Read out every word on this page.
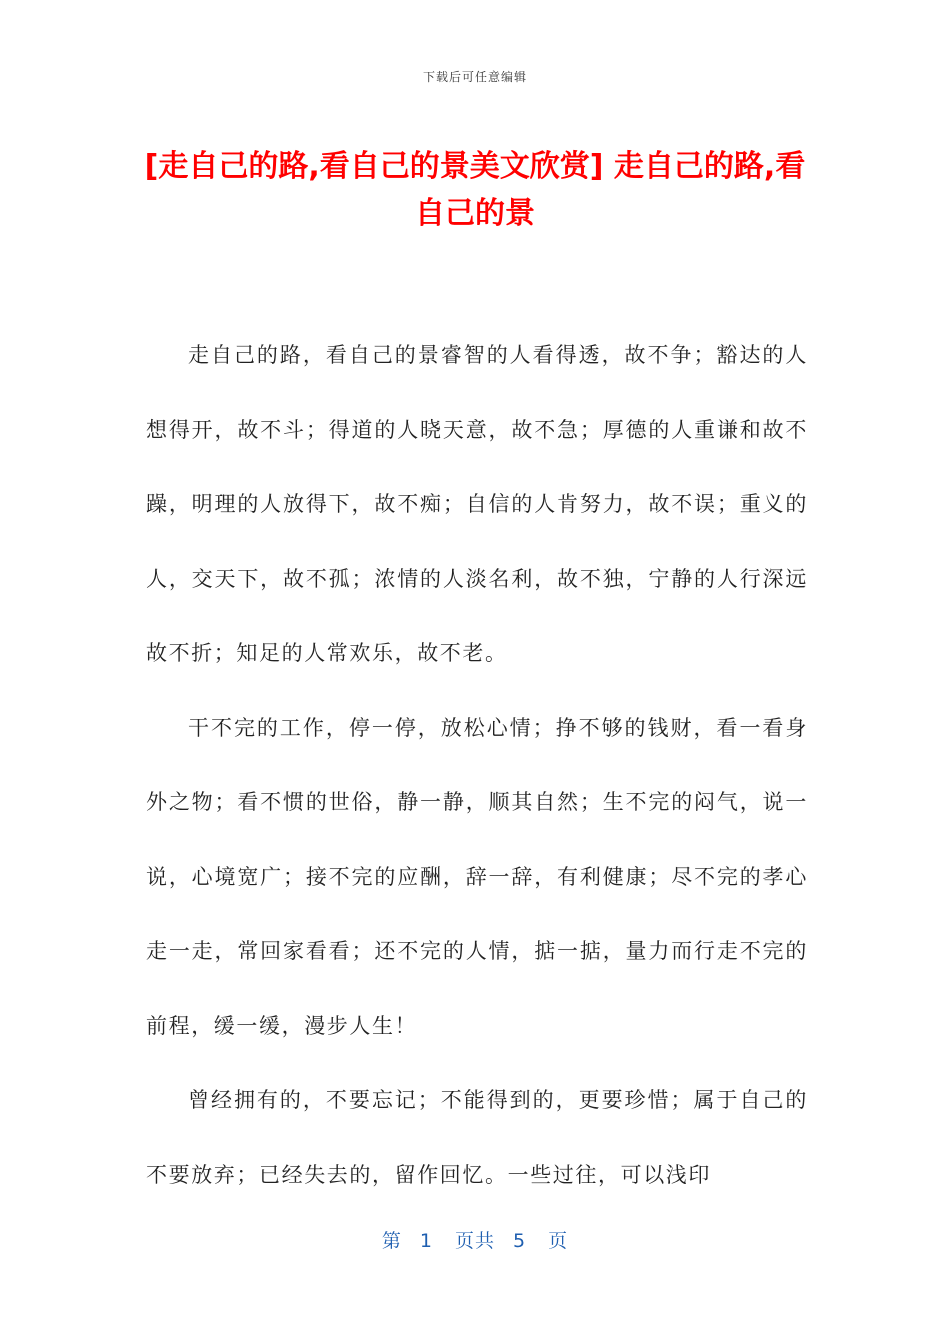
下载后可任意编辑
[走自己的路,看自己的景美文欣赏] 走自己的路,看自己的景

走自己的路，看自己的景睿智的人看得透，故不争；豁达的人想得开，故不斗；得道的人晓天意，故不急；厚德的人重谦和故不躁，明理的人放得下，故不痴；自信的人肯努力，故不误；重义的人，交天下，故不孤；浓情的人淡名利，故不独，宁静的人行深远故不折；知足的人常欢乐，故不老。

干不完的工作，停一停，放松心情；挣不够的钱财，看一看身外之物；看不惯的世俗，静一静，顺其自然；生不完的闷气，说一说，心境宽广；接不完的应酬，辞一辞，有利健康；尽不完的孝心走一走，常回家看看；还不完的人情，掂一掂，量力而行走不完的前程，缓一缓，漫步人生！

曾经拥有的，不要忘记；不能得到的，更要珍惜；属于自己的不要放弃；已经失去的，留作回忆。一些过往，可以浅印

第 1 页共 5 页
